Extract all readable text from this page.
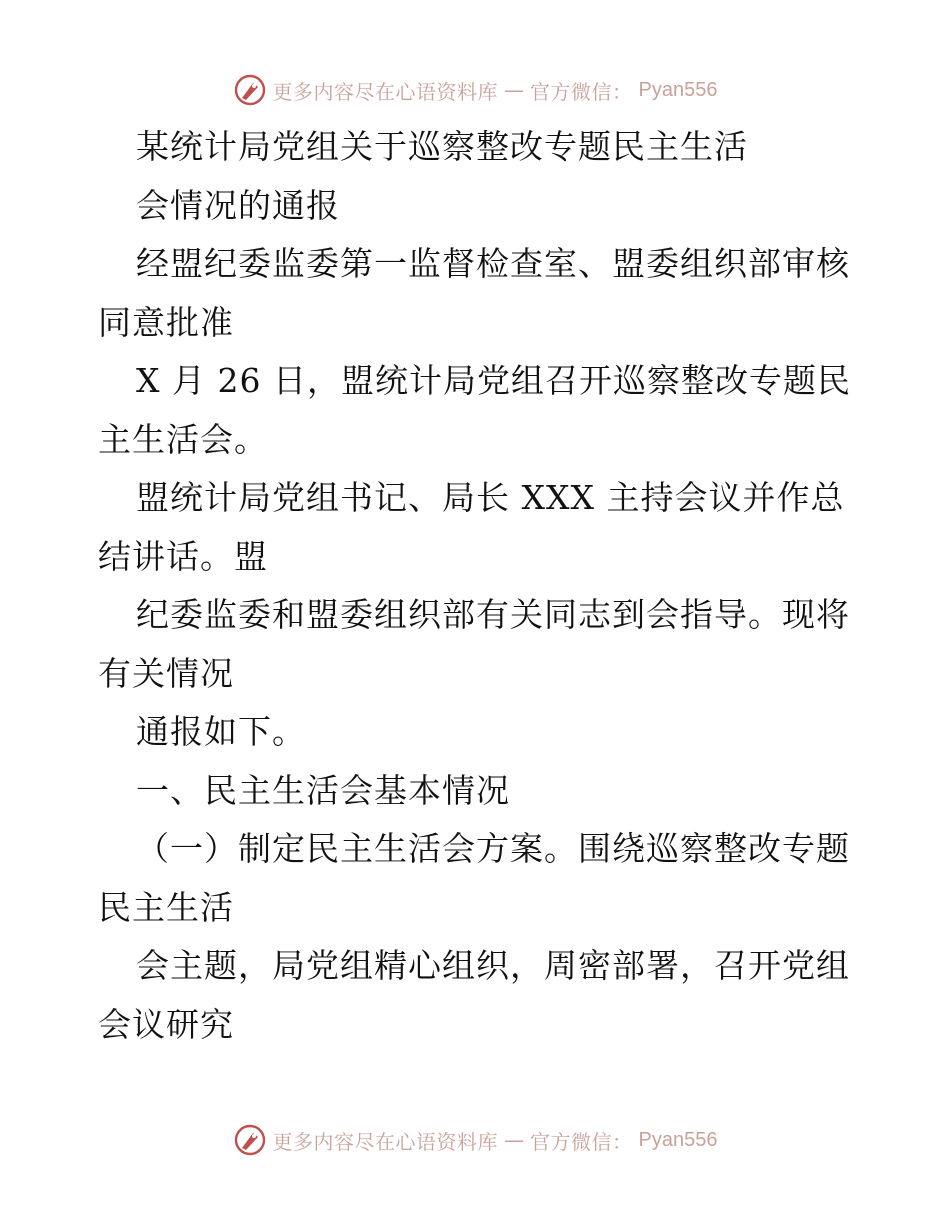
更多内容尽在心语资料库 — 官方微信： Pyan556
某统计局党组关于巡察整改专题民主生活
会情况的通报
经盟纪委监委第一监督检查室、盟委组织部审核
同意批准
X 月 26 日，盟统计局党组召开巡察整改专题民
主生活会。
盟统计局党组书记、局长 XXX 主持会议并作总
结讲话。盟
纪委监委和盟委组织部有关同志到会指导。现将
有关情况
通报如下。
一、民主生活会基本情况
（一）制定民主生活会方案。围绕巡察整改专题
民主生活
会主题，局党组精心组织，周密部署，召开党组
会议研究
更多内容尽在心语资料库 — 官方微信： Pyan556
